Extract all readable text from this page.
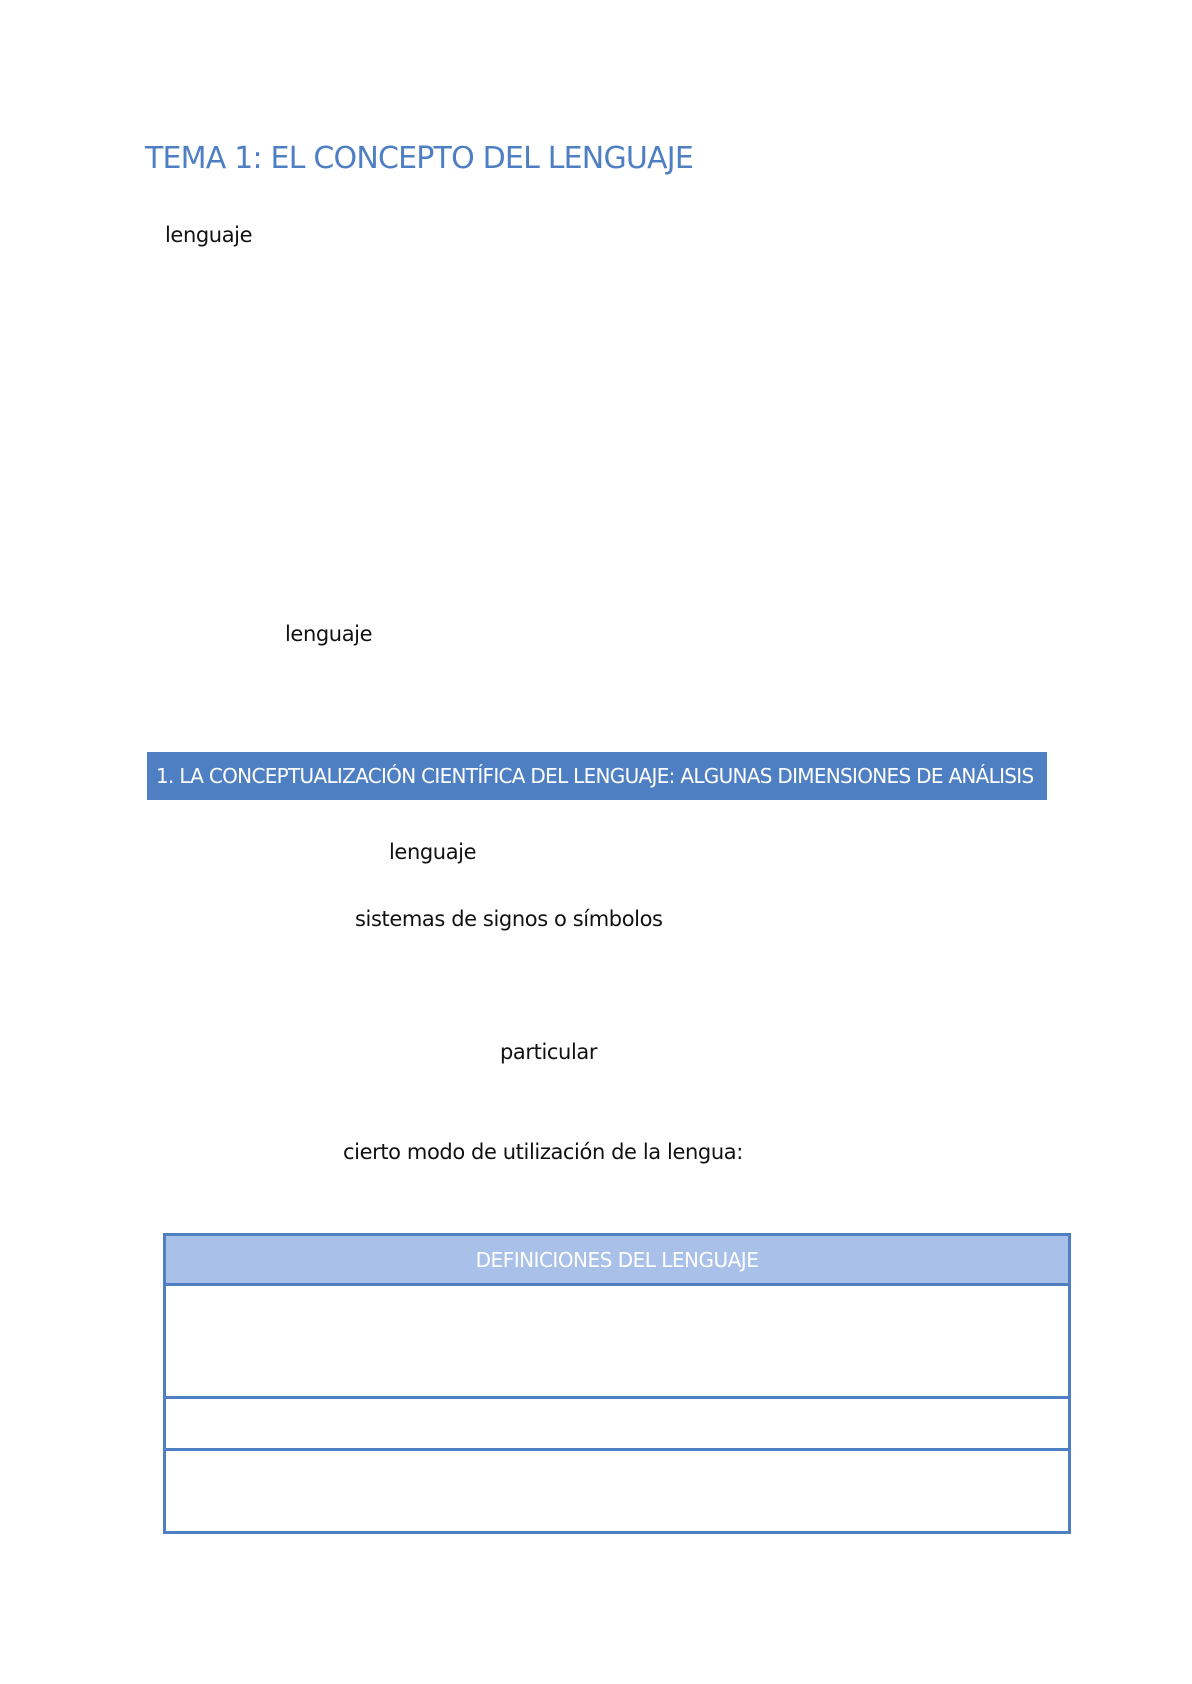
TEMA 1: EL CONCEPTO DEL LENGUAJE
lenguaje
lenguaje
1. LA CONCEPTUALIZACIÓN CIENTÍFICA DEL LENGUAJE: ALGUNAS DIMENSIONES DE ANÁLISIS
lenguaje
sistemas de signos o símbolos
particular
cierto modo de utilización de la lengua:
DEFINICIONES DEL LENGUAJE
